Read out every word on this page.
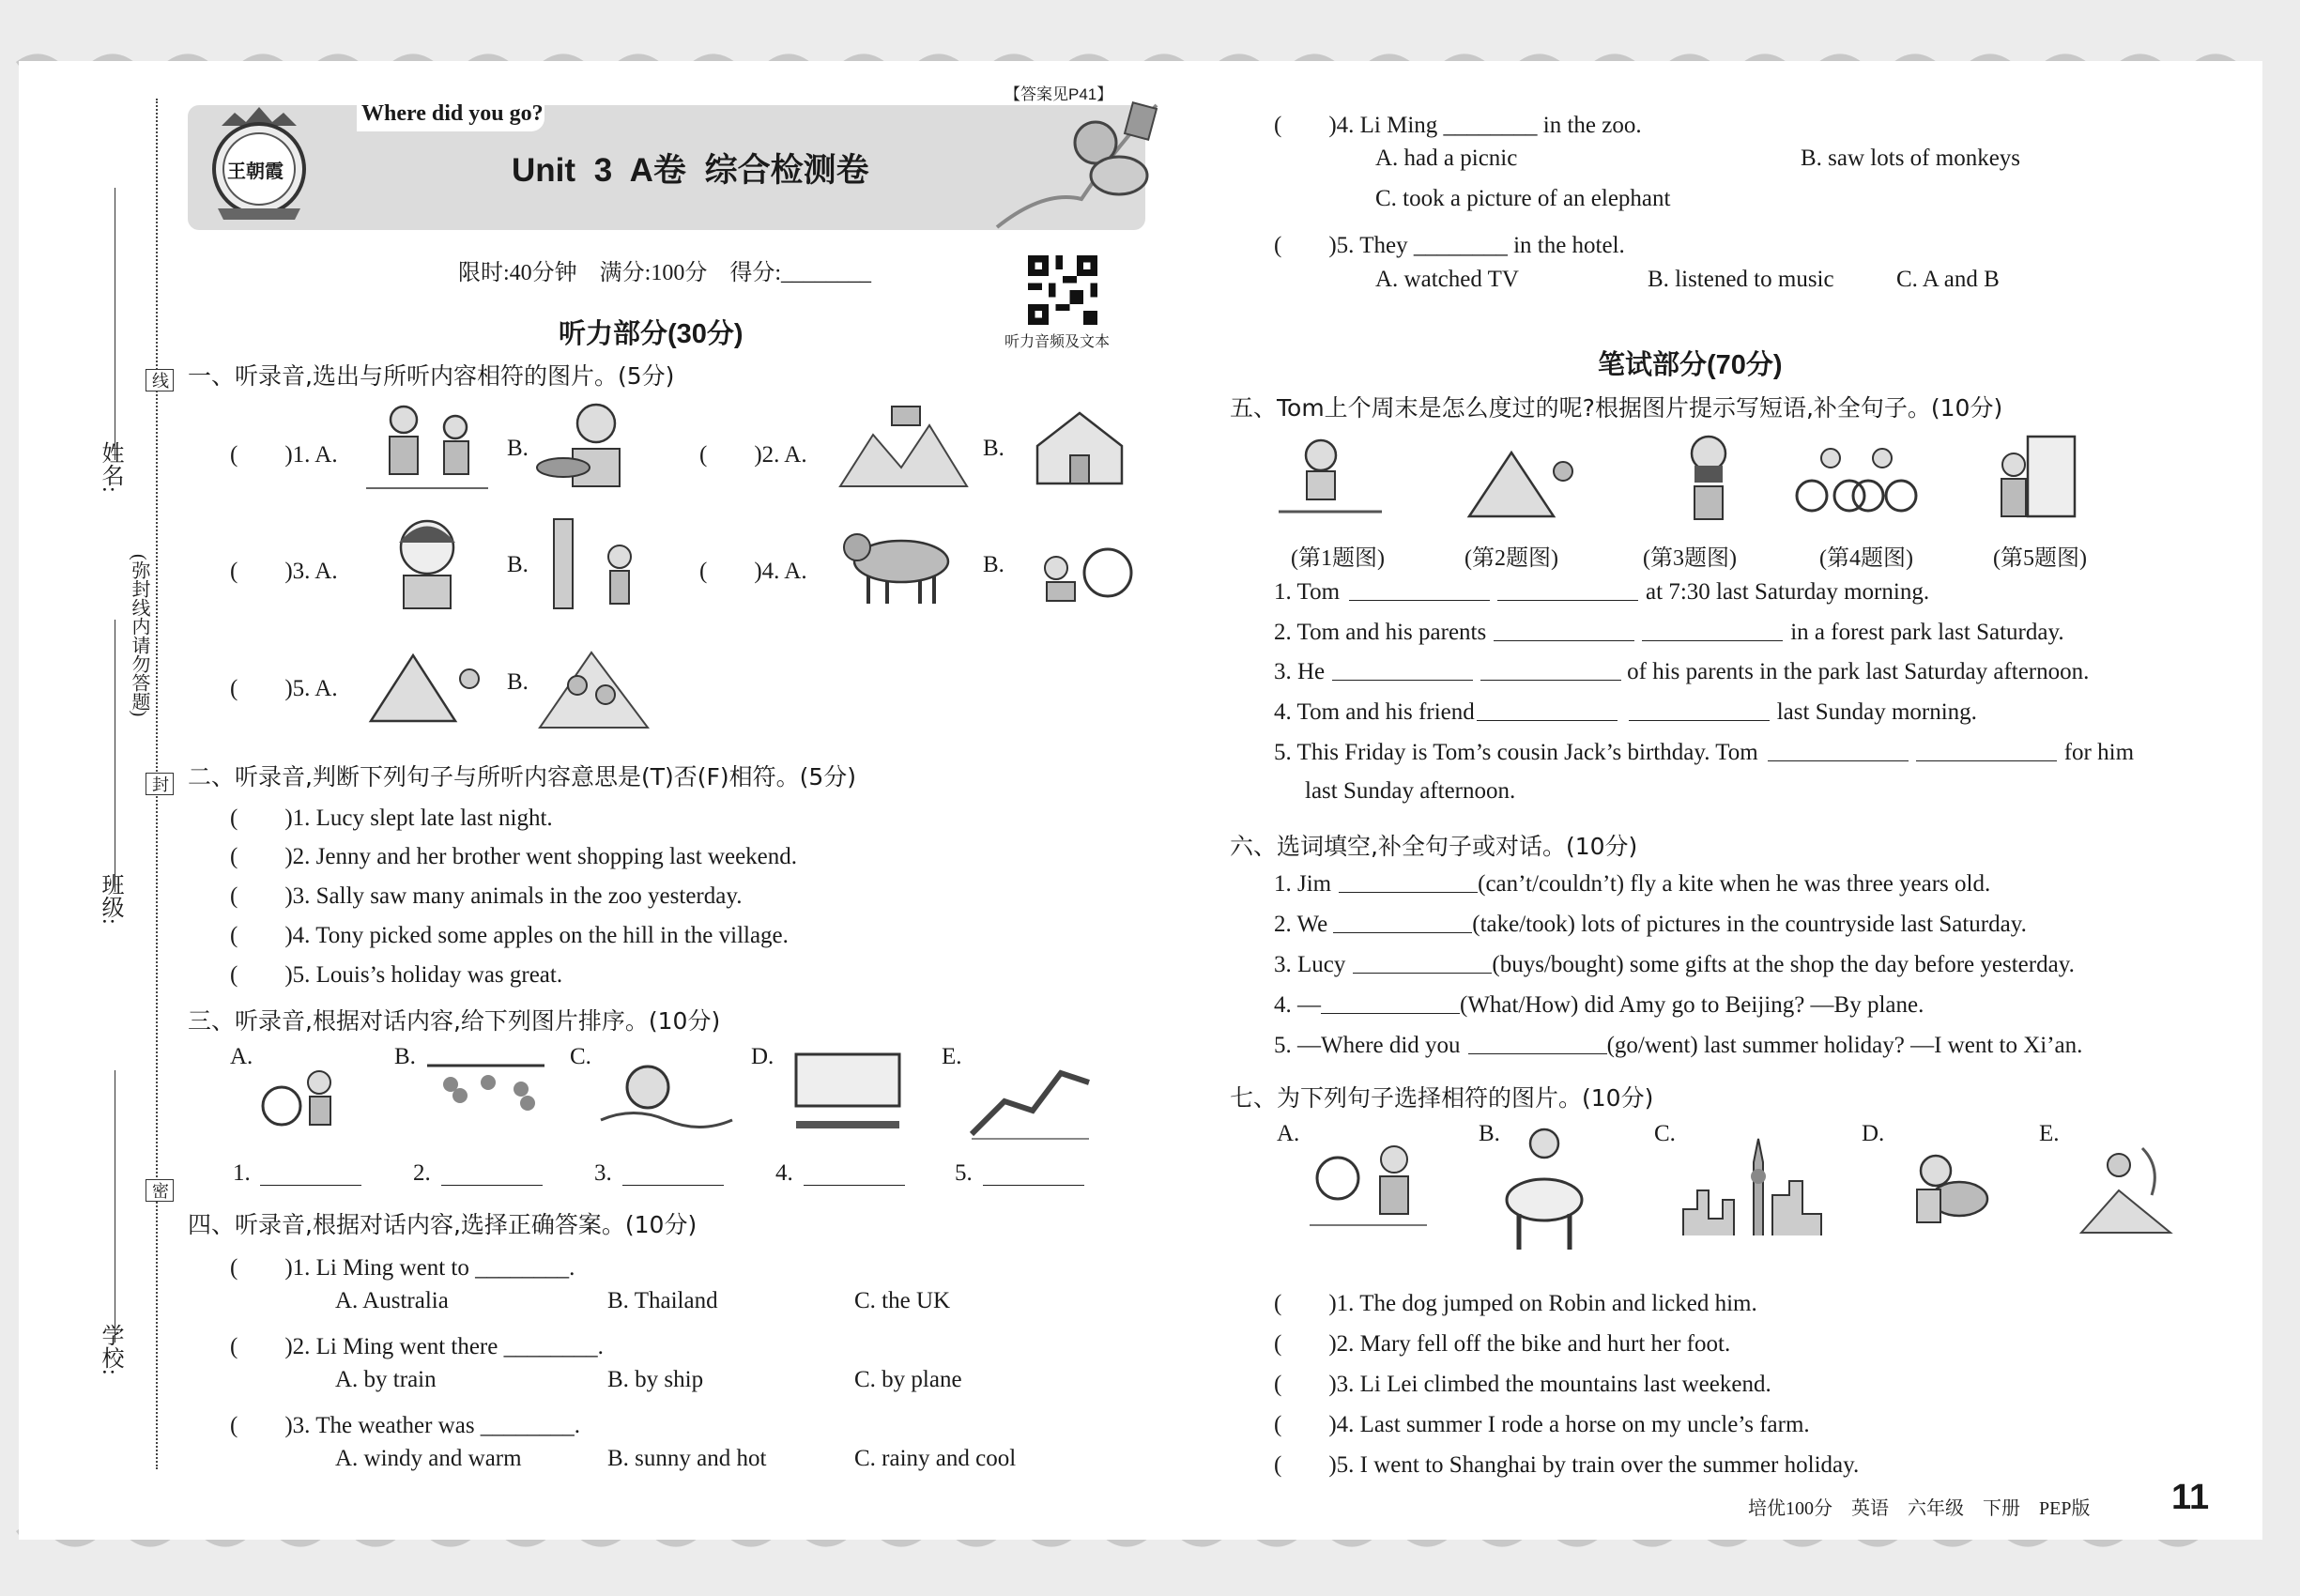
姓名:
班级:
学校:
(弥封线内请勿答题)
线
封
密
Where did you go?
Unit 3 A卷 综合检测卷
【答案见P41】
王朝霞
限时:40分钟　满分:100分　得分:________
听力音频及文本
听力部分(30分)
一、听录音,选出与所听内容相符的图片。(5分)
(　　)1. A.	B.	(　　)2. A.	B.
(　　)3. A.	B.	(　　)4. A.	B.
(　　)5. A.	B.
二、听录音,判断下列句子与所听内容意思是(T)否(F)相符。(5分)
(　　)1. Lucy slept late last night.
(　　)2. Jenny and her brother went shopping last weekend.
(　　)3. Sally saw many animals in the zoo yesterday.
(　　)4. Tony picked some apples on the hill in the village.
(　　)5. Louis’s holiday was great.
三、听录音,根据对话内容,给下列图片排序。(10分)
A.	B.	C.	D.	E.
1.	2.	3.	4.	5.
四、听录音,根据对话内容,选择正确答案。(10分)
(　　)1. Li Ming went to ________.
A. Australia	B. Thailand	C. the UK
(　　)2. Li Ming went there ________.
A. by train	B. by ship	C. by plane
(　　)3. The weather was ________.
A. windy and warm	B. sunny and hot	C. rainy and cool
(　　)4. Li Ming ________ in the zoo.
A. had a picnic	B. saw lots of monkeys
C. took a picture of an elephant
(　　)5. They ________ in the hotel.
A. watched TV	B. listened to music	C. A and B
笔试部分(70分)
五、Tom上个周末是怎么度过的呢?根据图片提示写短语,补全句子。(10分)
(第1题图)	(第2题图)	(第3题图)	(第4题图)	(第5题图)
1. Tom	at 7:30 last Saturday morning.
2. Tom and his parents	in a forest park last Saturday.
3. He	of his parents in the park last Saturday afternoon.
4. Tom and his friend	last Sunday morning.
5. This Friday is Tom’s cousin Jack’s birthday. Tom	for him
last Sunday afternoon.
六、选词填空,补全句子或对话。(10分)
1. Jim	(can’t/couldn’t) fly a kite when he was three years old.
2. We	(take/took) lots of pictures in the countryside last Saturday.
3. Lucy	(buys/bought) some gifts at the shop the day before yesterday.
4. —	(What/How) did Amy go to Beijing? —By plane.
5. —Where did you	(go/went) last summer holiday? —I went to Xi’an.
七、为下列句子选择相符的图片。(10分)
A.	B.	C.	D.	E.
(　　)1. The dog jumped on Robin and licked him.
(　　)2. Mary fell off the bike and hurt her foot.
(　　)3. Li Lei climbed the mountains last weekend.
(　　)4. Last summer I rode a horse on my uncle’s farm.
(　　)5. I went to Shanghai by train over the summer holiday.
培优100分　英语　六年级　下册　PEP版 11
